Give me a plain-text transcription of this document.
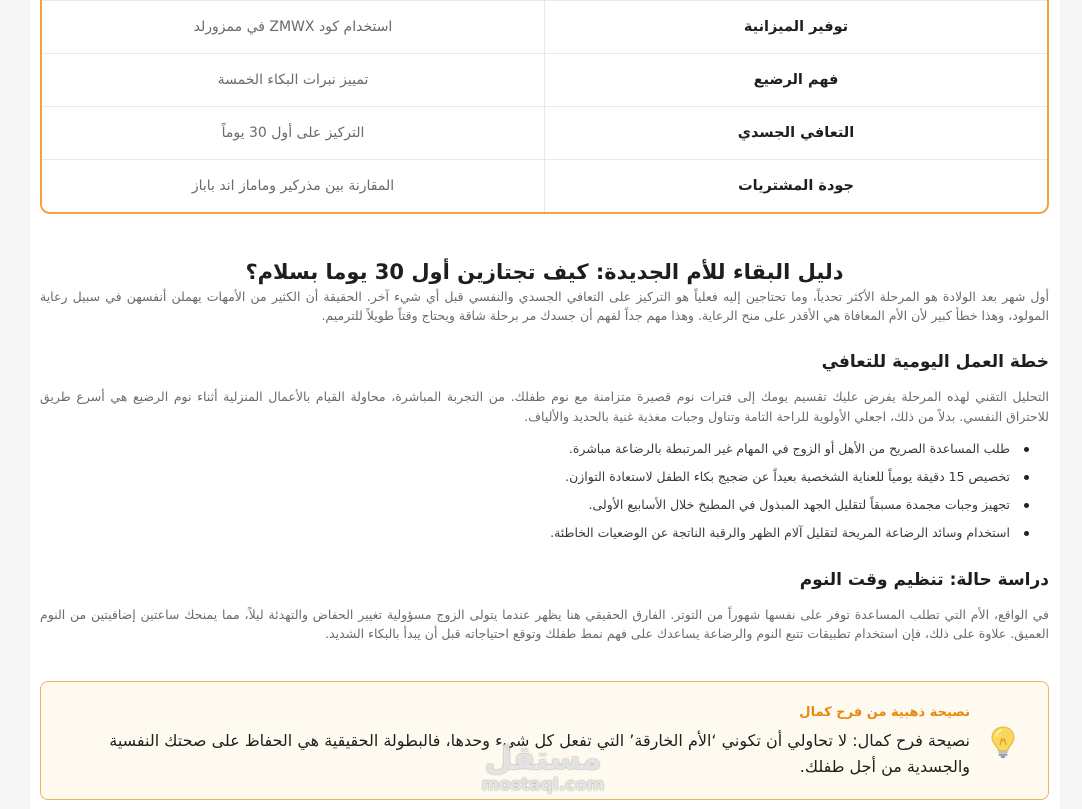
توفير الميزانية
استخدام كود ZMWX في ممزورلد
فهم الرضيع
تمييز نبرات البكاء الخمسة
التعافي الجسدي
التركيز على أول 30 يوماً
جودة المشتريات
المقارنة بين مذركير وماماز اند باباز
دليل البقاء للأم الجديدة: كيف تجتازين أول 30 يوما بسلام؟

أول شهر بعد الولادة هو المرحلة الأكثر تحدياً، وما تحتاجين إليه فعلياً هو التركيز على التعافي الجسدي والنفسي قبل أي شيء آخر. الحقيقة أن الكثير من الأمهات يهملن أنفسهن في سبيل رعاية المولود، وهذا خطأ كبير لأن الأم المعافاة هي الأقدر على منح الرعاية. وهذا مهم جداً لفهم أن جسدك مر برحلة شاقة ويحتاج وقتاً طويلاً للترميم.

خطة العمل اليومية للتعافي

التحليل التقني لهذه المرحلة يفرض عليك تقسيم يومك إلى فترات نوم قصيرة متزامنة مع نوم طفلك. من التجربة المباشرة، محاولة القيام بالأعمال المنزلية أثناء نوم الرضيع هي أسرع طريق للاحتراق النفسي. بدلاً من ذلك، اجعلي الأولوية للراحة التامة وتناول وجبات مغذية غنية بالحديد والألياف.

طلب المساعدة الصريح من الأهل أو الزوج في المهام غير المرتبطة بالرضاعة مباشرة.
تخصيص 15 دقيقة يومياً للعناية الشخصية بعيداً عن ضجيج بكاء الطفل لاستعادة التوازن.
تجهيز وجبات مجمدة مسبقاً لتقليل الجهد المبذول في المطبخ خلال الأسابيع الأولى.
استخدام وسائد الرضاعة المريحة لتقليل آلام الظهر والرقبة الناتجة عن الوضعيات الخاطئة.
دراسة حالة: تنظيم وقت النوم

في الواقع، الأم التي تطلب المساعدة توفر على نفسها شهوراً من التوتر. الفارق الحقيقي هنا يظهر عندما يتولى الزوج مسؤولية تغيير الحفاض والتهدئة ليلاً، مما يمنحك ساعتين إضافيتين من النوم العميق. علاوة على ذلك، فإن استخدام تطبيقات تتبع النوم والرضاعة يساعدك على فهم نمط طفلك وتوقع احتياجاته قبل أن يبدأ بالبكاء الشديد.

نصيحة ذهبية من فرح كمال

نصيحة فرح كمال: لا تحاولي أن تكوني ‘الأم الخارقة’ التي تفعل كل شيء وحدها، فالبطولة الحقيقية هي الحفاظ على صحتك النفسية والجسدية من أجل طفلك.

مستقل
mostaql.com
